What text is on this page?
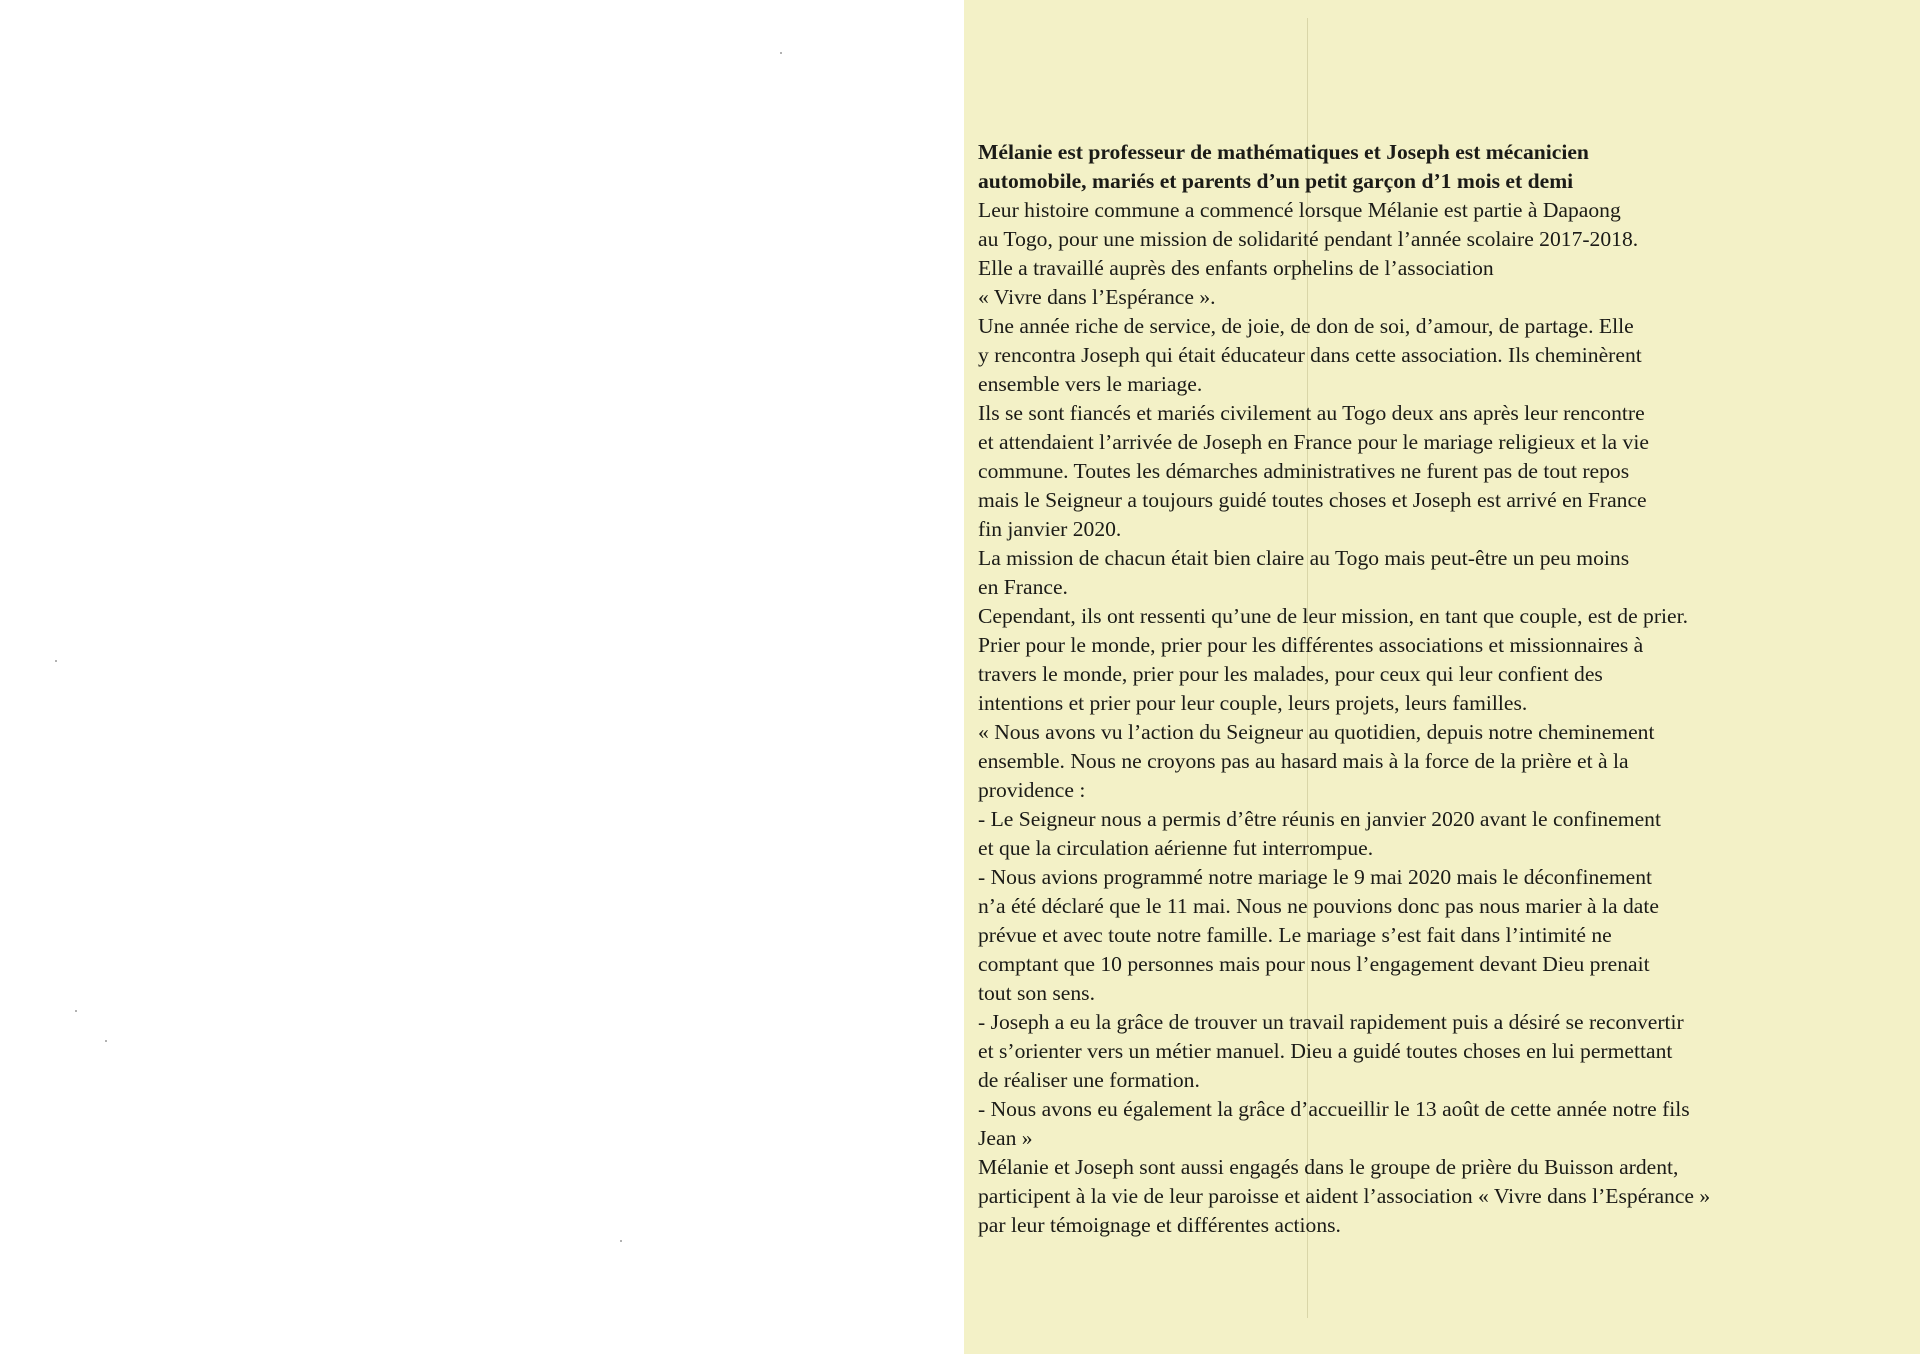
Mélanie est professeur de mathématiques et Joseph est mécanicien

automobile, mariés et parents d’un petit garçon d’1 mois et demi

Leur histoire commune a commencé lorsque Mélanie est partie à Dapaong

au Togo, pour une mission de solidarité pendant l’année scolaire 2017-2018.

Elle a travaillé auprès des enfants orphelins de l’association

« Vivre dans l’Espérance ».

Une année riche de service, de joie, de don de soi, d’amour, de partage. Elle

y rencontra Joseph qui était éducateur dans cette association. Ils cheminèrent

ensemble vers le mariage.

Ils se sont fiancés et mariés civilement au Togo deux ans après leur rencontre

et attendaient l’arrivée de Joseph en France pour le mariage religieux et la vie

commune. Toutes les démarches administratives ne furent pas de tout repos

mais le Seigneur a toujours guidé toutes choses et Joseph est arrivé en France

fin janvier 2020.

La mission de chacun était bien claire au Togo mais peut-être un peu moins

en France.

Cependant, ils ont ressenti qu’une de leur mission, en tant que couple, est de prier.

Prier pour le monde, prier pour les différentes associations et missionnaires à

travers le monde, prier pour les malades, pour ceux qui leur confient des

intentions et prier pour leur couple, leurs projets, leurs familles.

« Nous avons vu l’action du Seigneur au quotidien, depuis notre cheminement

ensemble. Nous ne croyons pas au hasard mais à la force de la prière et à la

providence :

- Le Seigneur nous a permis d’être réunis en janvier 2020 avant le confinement

et que la circulation aérienne fut interrompue.

- Nous avions programmé notre mariage le 9 mai 2020 mais le déconfinement

n’a été déclaré que le 11 mai. Nous ne pouvions donc pas nous marier à la date

prévue et avec toute notre famille. Le mariage s’est fait dans l’intimité ne

comptant que 10 personnes mais pour nous l’engagement devant Dieu prenait

tout son sens.

- Joseph a eu la grâce de trouver un travail rapidement puis a désiré se reconvertir

et s’orienter vers un métier manuel. Dieu a guidé toutes choses en lui permettant

de réaliser une formation.

- Nous avons eu également la grâce d’accueillir le 13 août de cette année notre fils

Jean »

Mélanie et Joseph sont aussi engagés dans le groupe de prière du Buisson ardent,

participent à la vie de leur paroisse et aident l’association « Vivre dans l’Espérance »

par leur témoignage et différentes actions.
